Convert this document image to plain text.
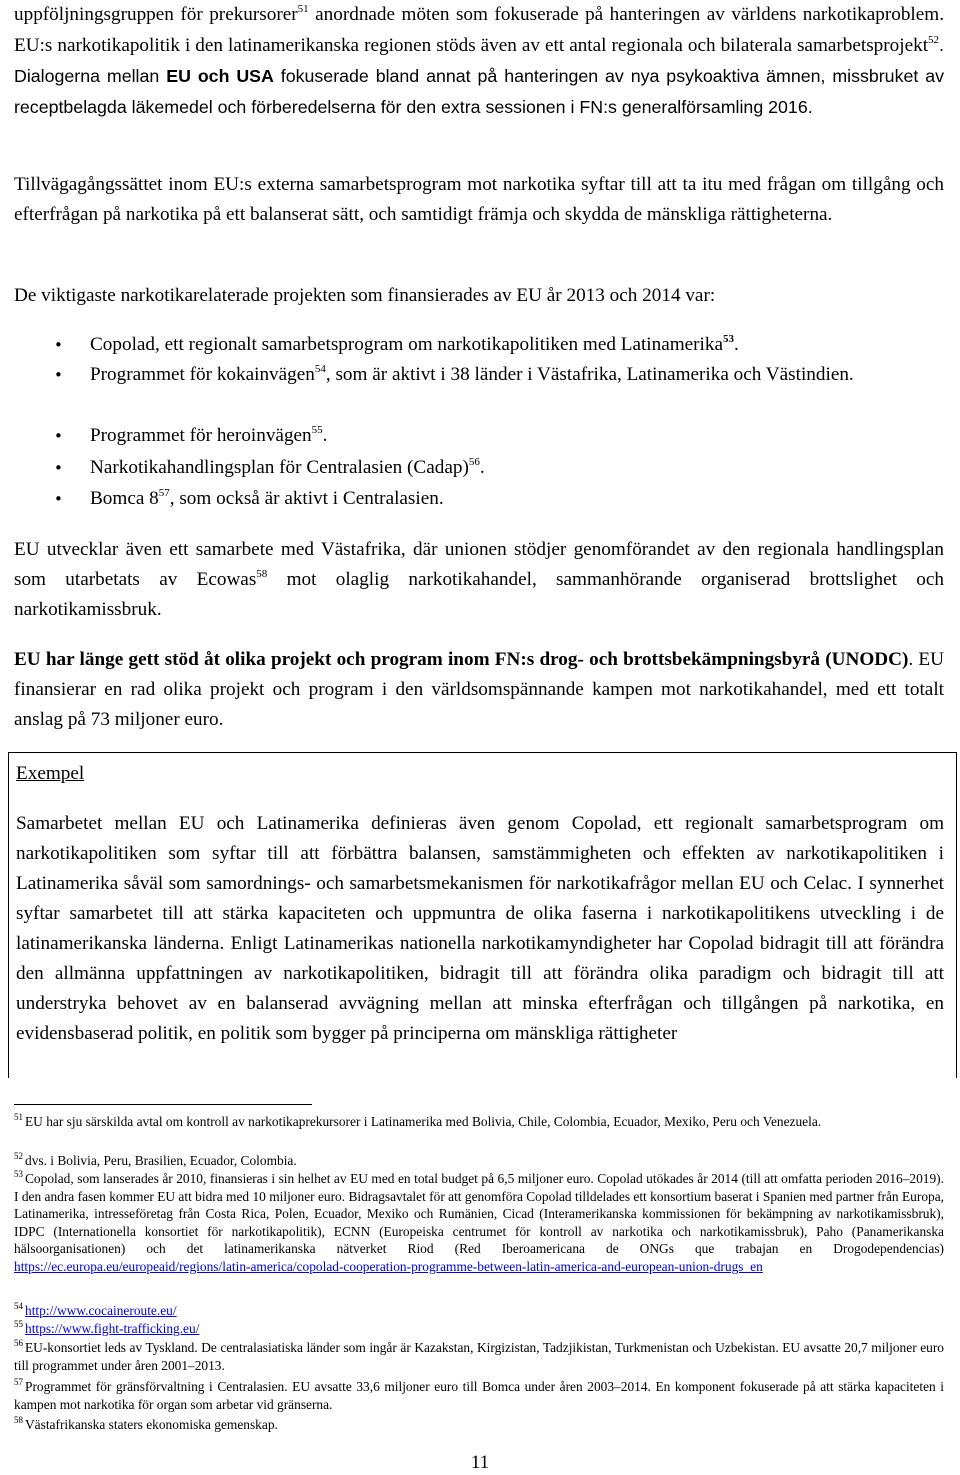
uppföljningsgruppen för prekursorer$^{51}$ anordnade möten som fokuserade på hanteringen av världens narkotikaproblem. EU:s narkotikapolitik i den latinamerikanska regionen stöds även av ett antal regionala och bilaterala samarbetsprojekt$^{52}$. Dialogerna mellan EU och USA fokuserade bland annat på hanteringen av nya psykoaktiva ämnen, missbruket av receptbelagda läkemedel och förberedelserna för den extra sessionen i FN:s generalförsamling 2016.

Tillvägagångssättet inom EU:s externa samarbetsprogram mot narkotika syftar till att ta itu med frågan om tillgång och efterfrågan på narkotika på ett balanserat sätt, och samtidigt främja och skydda de mänskliga rättigheterna.

De viktigaste narkotikarelaterade projekten som finansierades av EU år 2013 och 2014 var:

• Copolad, ett regionalt samarbetsprogram om narkotikapolitiken med Latinamerika$^{53}$.
• Programmet för kokainvägen$^{54}$, som är aktivt i 38 länder i Västafrika, Latinamerika och Västindien.
• Programmet för heroinvägen$^{55}$.
• Narkotikahandlingsplan för Centralasien (Cadap)$^{56}$.
• Bomca $8^{57}$, som också är aktivt i Centralasien.

EU utvecklar även ett samarbete med Västafrika, där unionen stödjer genomförandet av den regionala handlingsplan som utarbetats av Ecowas$^{58}$ mot olaglig narkotikahandel, sammanhörande organiserad brottslighet och narkotikamissbruk.

EU har länge gett stöd åt olika projekt och program inom FN:s drog- och brottsbekämpningsbyrå (UNODC). EU finansierar en rad olika projekt och program i den världsomspännande kampen mot narkotikahandel, med ett totalt anslag på 73 miljoner euro.

Exempel

Samarbetet mellan EU och Latinamerika definieras även genom Copolad, ett regionalt samarbetsprogram om narkotikapolitiken som syftar till att förbättra balansen, samstämmigheten och effekten av narkotikapolitiken i Latinamerika såväl som samordnings- och samarbetsmekanismen för narkotikafrågor mellan EU och Celac. I synnerhet syftar samarbetet till att stärka kapaciteten och uppmuntra de olika faserna i narkotikapolitikens utveckling i de latinamerikanska länderna. Enligt Latinamerikas nationella narkotikamyndigheter har Copolad bidragit till att förändra den allmänna uppfattningen av narkotikapolitiken, bidragit till att förändra olika paradigm och bidragit till att understryka behovet av en balanserad avvägning mellan att minska efterfrågan och tillgången på narkotika, en evidensbaserad politik, en politik som bygger på principerna om mänskliga rättigheter

$^{51}$ EU har sju särskilda avtal om kontroll av narkotikaprekursorer i Latinamerika med Bolivia, Chile, Colombia, Ecuador, Mexiko, Peru och Venezuela.

$^{52}$ dvs. i Bolivia, Peru, Brasilien, Ecuador, Colombia.

$^{53}$ Copolad, som lanserades år 2010, finansieras i sin helhet av EU med en total budget på 6,5 miljoner euro. Copolad utökades år 2014 (till att omfatta perioden 2016–2019). I den andra fasen kommer EU att bidra med 10 miljoner euro. Bidragsavtalet för att genomföra Copolad tilldelades ett konsortium baserat i Spanien med partner från Europa, Latinamerika, intresseföretag från Costa Rica, Polen, Ecuador, Mexiko och Rumänien, Cicad (Interamerikanska kommissionen för bekämpning av narkotikamissbruk), IDPC (Internationella konsortiet för narkotikapolitik), ECNN (Europeiska centrumet för kontroll av narkotika och narkotikamissbruk), Paho (Panamerikanska hälsoorganisationen) och det latinamerikanska nätverket Riod (Red Iberoamericana de ONGs que trabajan en Drogodependencias) https://ec.europa.eu/europeaid/regions/latin-america/copolad-cooperation-programme-between-latin-america-and-european-union-drugs_en

$^{54}$ http://www.cocaineroute.eu/

$^{55}$ https://www.fight-trafficking.eu/

$^{56}$ EU-konsortiet leds av Tyskland. De centralasiatiska länder som ingår är Kazakstan, Kirgizistan, Tadzjikistan, Turkmenistan och Uzbekistan. EU avsatte 20,7 miljoner euro till programmet under åren 2001–2013.

$^{57}$ Programmet för gränsförvaltning i Centralasien. EU avsatte 33,6 miljoner euro till Bomca under åren 2003–2014. En komponent fokuserade på att stärka kapaciteten i kampen mot narkotika för organ som arbetar vid gränserna.

$^{58}$ Västafrikanska staters ekonomiska gemenskap.

11
